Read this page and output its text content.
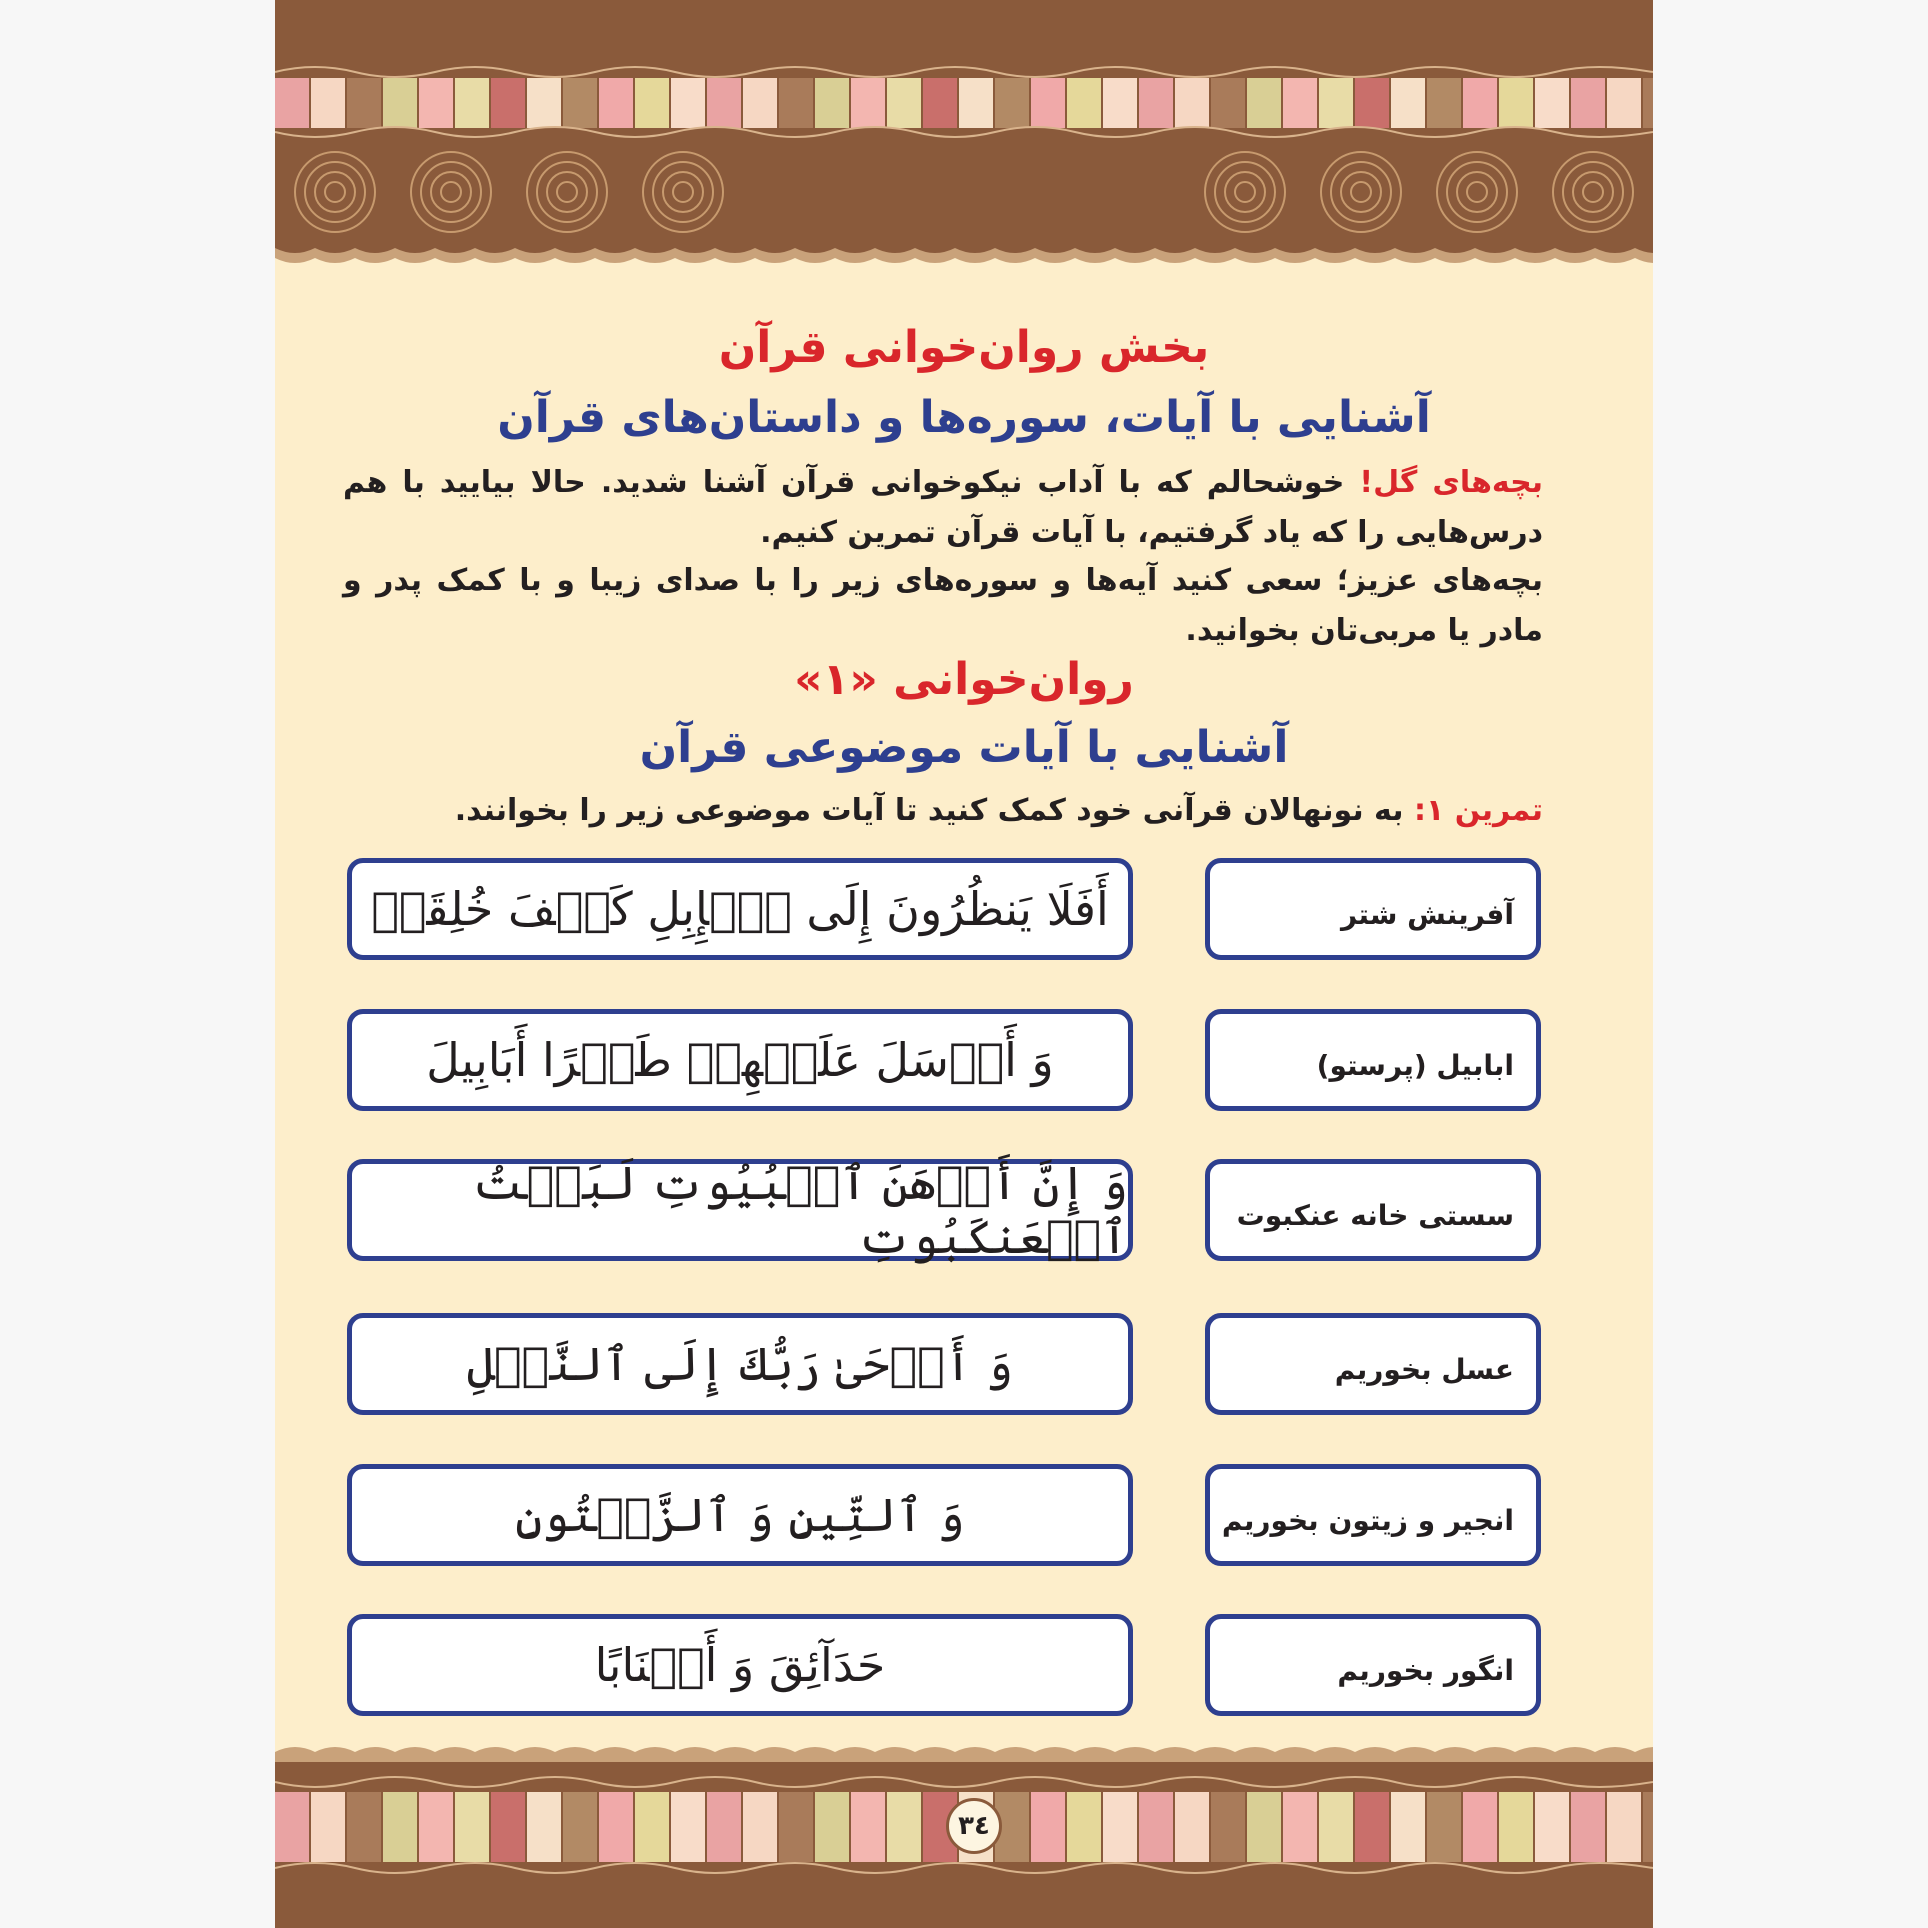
بخش روان‌خوانی قرآن
آشنایی با آیات، سوره‌ها و داستان‌های قرآن
بچه‌های گل! خوشحالم که با آداب نیکوخوانی قرآن آشنا شدید. حالا بیایید با هم درس‌هایی را که یاد گرفتیم، با آیات قرآن تمرین کنیم.
بچه‌های عزیز؛ سعی کنید آیه‌ها و سوره‌های زیر را با صدای زیبا و با کمک پدر و مادر یا مربی‌تان بخوانید.
روان‌خوانی «۱»
آشنایی با آیات موضوعی قرآن
تمرین ۱: به نونهالان قرآنی خود کمک کنید تا آیات موضوعی زیر را بخوانند.
أَفَلَا يَنظُرُونَ إِلَى ٱلۡإِبِلِ كَيۡفَ خُلِقَتۡ	آفرینش شتر
وَ أَرۡسَلَ عَلَيۡهِمۡ طَيۡرًا أَبَابِيلَ	ابابیل (پرستو)
وَ إِنَّ أَوۡهَنَ ٱلۡبُيُوتِ لَبَيۡتُ ٱلۡعَنكَبُوتِ	سستی خانه عنکبوت
وَ أَوۡحَىٰ رَبُّكَ إِلَى ٱلنَّحۡلِ	عسل بخوریم
وَ ٱلتِّينِ وَ ٱلزَّيۡتُونِ	انجیر و زیتون بخوریم
حَدَآئِقَ وَ أَعۡنَابًا	انگور بخوریم
۳٤
